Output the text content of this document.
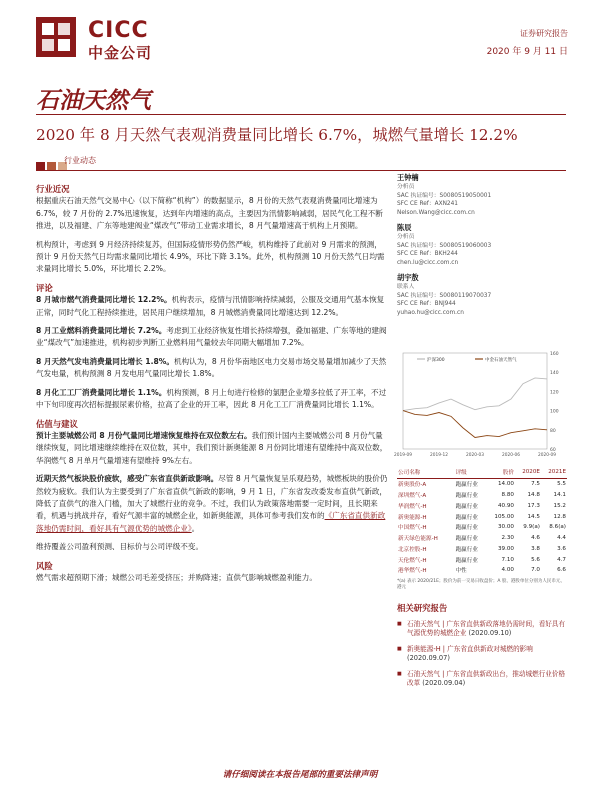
CICC
中金公司
证券研究报告
2020 年 9 月 11 日
石油天然气
2020 年 8 月天然气表观消费量同比增长 6.7%，城燃气量增长 12.2%
行业动态
行业近况

根据重庆石油天然气交易中心（以下简称“机构”）的数据显示，8 月份的天然气表观消费量同比增速为 6.7%，较 7 月份的 2.7%迅速恢复，达到年内增速的高点，主要因为汛情影响减弱，居民气化工程不断推进，以及福建、广东等地建阀业“煤改气”带动工业需求增长，8 月气量增速高于机构上月预期。

机构预计，考虑到 9 月经济持续复苏，但国际疫情形势仍然严峻，机构维持了此前对 9 月需求的预测，预计 9 月份天然气日均需求量同比增长 4.9%，环比下降 3.1%。此外，机构预测 10 月份天然气日均需求量同比增长 5.0%，环比增长 2.2%。

评论

8 月城市燃气消费量同比增长 12.2%。机构表示，疫情与汛情影响持续减弱，公服及交通用气基本恢复正常，同时气化工程持续推进，居民用户继续增加，8 月城燃消费量同比增速达到 12.2%。

8 月工业燃料消费量同比增长 7.2%。考虑到工业经济恢复性增长持续增强，叠加福建、广东等地的建阀业“煤改气”加速推进，机构初步判断工业燃料用气量较去年同期大幅增加 7.2%。

8 月天然气发电消费量同比增长 1.8%。机构认为，8 月份华南地区电力交易市场交易量增加减少了天然气发电量，机构预测 8 月发电用气量同比增长 1.8%。

8 月化工工厂消费量同比增长 1.1%。机构预测，8 月上旬进行检修的氯肥企业增多拉低了开工率，不过中下旬印度再次招标提振尿素价格，拉高了企业的开工率，因此 8 月化工工厂消费量同比增长 1.1%。

估值与建议

预计主要城燃公司 8 月份气量同比增速恢复维持在双位数左右。我们预计国内主要城燃公司 8 月份气量继续恢复，同比增速继续维持在双位数，其中，我们预计新奥能源 8 月份同比增速有望维持中高双位数，华润燃气 8 月单月气量增速有望维持 9%左右。

近期天然气板块股价疲软，感受广东省直供新政影响。尽管 8 月气量恢复呈乐观趋势，城燃板块的股价仍然较为疲软。我们认为主要受到了广东省直供气新政的影响，9 月 1 日，广东省发改委发布直供气新政，降低了直供气的准入门槛，加大了城燃行业的竞争。不过，我们认为政策落地需要一定时间，且长期来看，机遇与挑战并存，看好气源丰富的城燃企业，如新奥能源，具体可参考我们发布的《广东省直供新政落地仍需时间，看好具有气源优势的城燃企业》。

维持覆盖公司盈利预测、目标价与公司评级不变。

风险

燃气需求超预期下滑；城燃公司毛差受挤压；并购降速；直供气影响城燃盈利能力。

王钟楠
分析员
SAC 执证编号：S0080519050001
SFC CE Ref：AXN241
Nelson.Wang@cicc.com.cn
陈辰
分析员
SAC 执证编号：S0080519060003
SFC CE Ref：BKH244
chen.lu@cicc.com.cn
胡宇敖
联系人
SAC 执证编号：S0080119070037
SFC CE Ref：BNJ944
yuhao.hu@cicc.com.cn
60
80
100
120
140
160
2019-09	2019-12	2020-03	2020-06	2020-09
沪深300	中金石油天然气
公司名称		评级	股价	2020E	2021E
新奥股份-A		跑赢行业	14.00	7.5	5.5
深圳燃气-A		跑赢行业	8.80	14.8	14.1
华润燃气-H		跑赢行业	40.90	17.3	15.2
新奥能源-H		跑赢行业	105.00	14.5	12.8
中国燃气-H		跑赢行业	30.00	9.9(a)	8.6(a)
新天绿色能源-H		跑赢行业	2.30	4.6	4.4
北京控股-H		跑赢行业	39.00	3.8	3.6
天伦燃气-H		跑赢行业	7.10	5.6	4.7
港华燃气-H		中性	4.00	7.0	6.6
*(a) 表示 2020/21E；股价为前一交易日收盘价；A 股、港股单位分别为人民币元、港元
相关研究报告
■ 石油天然气 | 广东省直供新政落地仍需时间，看好具有气源优势的城燃企业 (2020.09.10)
■ 新奥能源-H | 广东省直供新政对城燃的影响 (2020.09.07)
■ 石油天然气 | 广东省直供新政出台，推动城燃行业价格改革 (2020.09.04)
请仔细阅读在本报告尾部的重要法律声明
